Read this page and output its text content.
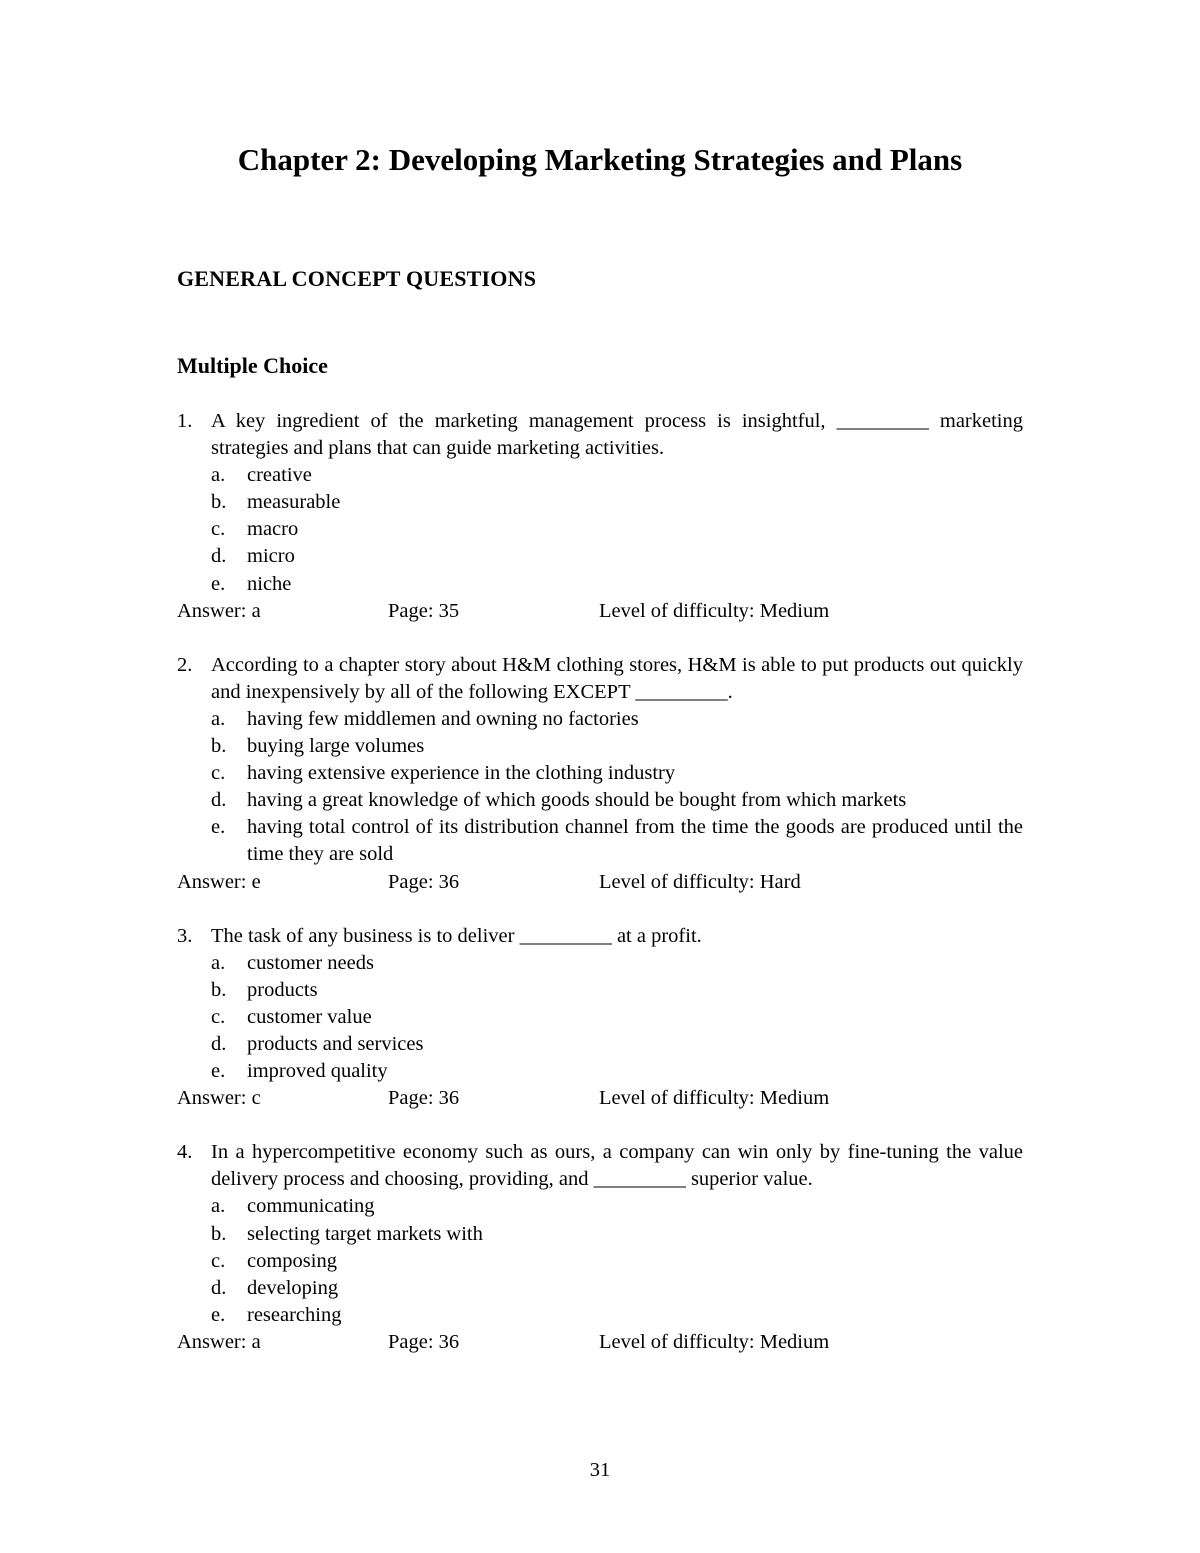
Chapter 2: Developing Marketing Strategies and Plans
GENERAL CONCEPT QUESTIONS
Multiple Choice
1. A key ingredient of the marketing management process is insightful, _________ marketing strategies and plans that can guide marketing activities.
a.	creative
b.	measurable
c.	macro
d.	micro
e.	niche
Answer: a	Page: 35	Level of difficulty: Medium
2. According to a chapter story about H&M clothing stores, H&M is able to put products out quickly and inexpensively by all of the following EXCEPT _________.
a.	having few middlemen and owning no factories
b.	buying large volumes
c.	having extensive experience in the clothing industry
d.	having a great knowledge of which goods should be bought from which markets
e.	having total control of its distribution channel from the time the goods are produced until the time they are sold
Answer: e	Page: 36	Level of difficulty: Hard
3. The task of any business is to deliver _________ at a profit.
a.	customer needs
b.	products
c.	customer value
d.	products and services
e.	improved quality
Answer: c	Page: 36	Level of difficulty: Medium
4. In a hypercompetitive economy such as ours, a company can win only by fine-tuning the value delivery process and choosing, providing, and _________ superior value.
a.	communicating
b.	selecting target markets with
c.	composing
d.	developing
e.	researching
Answer: a	Page: 36	Level of difficulty: Medium
31
